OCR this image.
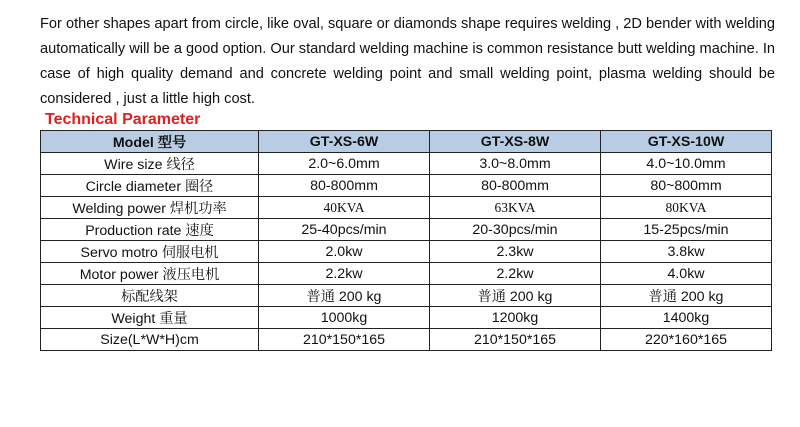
For other shapes apart from circle, like oval, square or diamonds shape requires welding , 2D bender with welding automatically will be a good option. Our standard welding machine is common resistance butt welding machine. In case of high quality demand and concrete welding point and small welding point, plasma welding should be considered , just a little high cost.

Technical Parameter
Model 型号	GT-XS-6W	GT-XS-8W	GT-XS-10W
Wire size 线径	2.0~6.0mm	3.0~8.0mm	4.0~10.0mm
Circle diameter 圈径	80-800mm	80-800mm	80~800mm
Welding power 焊机功率	40KVA	63KVA	80KVA
Production rate 速度	25-40pcs/min	20-30pcs/min	15-25pcs/min
Servo motro 伺服电机	2.0kw	2.3kw	3.8kw
Motor power 液压电机	2.2kw	2.2kw	4.0kw
标配线架	普通 200 kg	普通 200 kg	普通 200 kg
Weight 重量	1000kg	1200kg	1400kg
Size(L*W*H)cm	210*150*165	210*150*165	220*160*165
